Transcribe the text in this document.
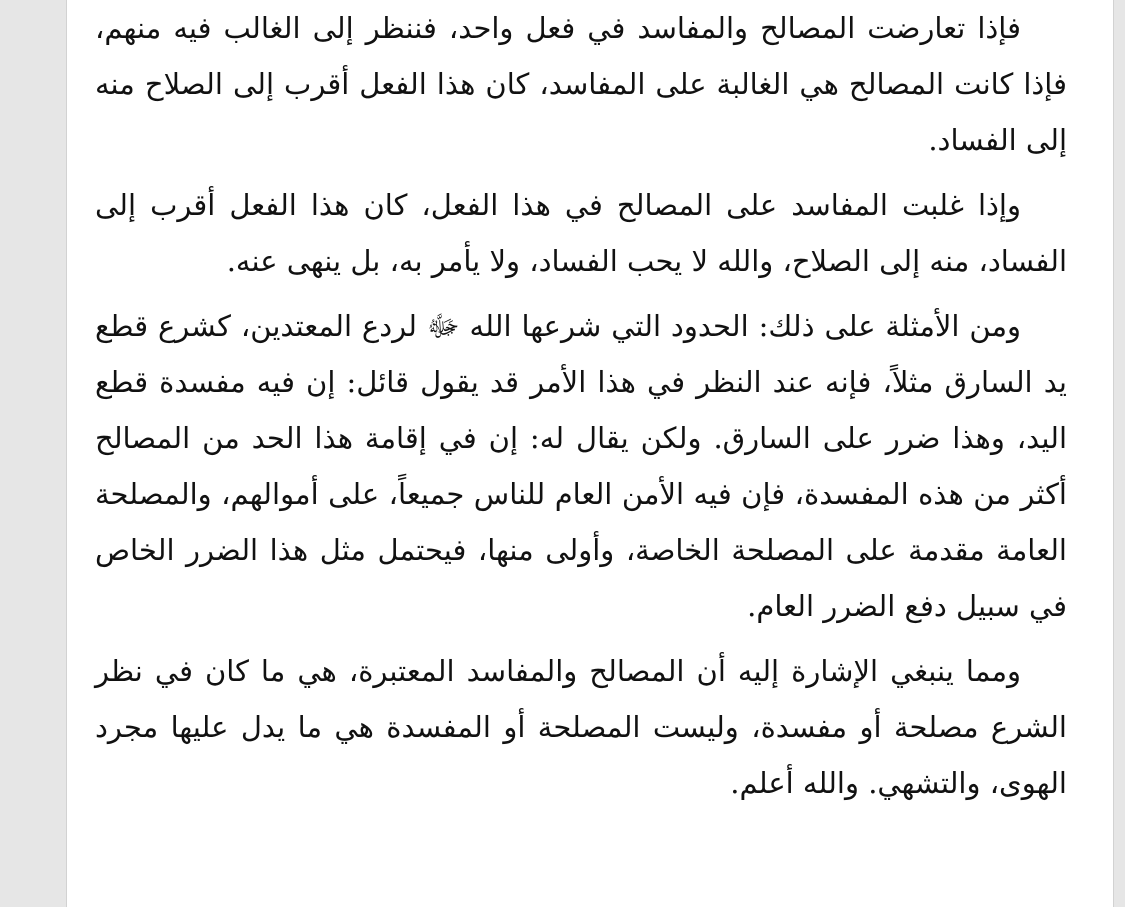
فإذا تعارضت المصالح والمفاسد في فعل واحد، فننظر إلى الغالب فيه منهم، فإذا كانت المصالح هي الغالبة على المفاسد، كان هذا الفعل أقرب إلى الصلاح منه إلى الفساد.

وإذا غلبت المفاسد على المصالح في هذا الفعل، كان هذا الفعل أقرب إلى الفساد، منه إلى الصلاح، والله لا يحب الفساد، ولا يأمر به، بل ينهى عنه.

ومن الأمثلة على ذلك: الحدود التي شرعها الله ﷻ لردع المعتدين، كشرع قطع يد السارق مثلاً، فإنه عند النظر في هذا الأمر قد يقول قائل: إن فيه مفسدة قطع اليد، وهذا ضرر على السارق. ولكن يقال له: إن في إقامة هذا الحد من المصالح أكثر من هذه المفسدة، فإن فيه الأمن العام للناس جميعاً، على أموالهم، والمصلحة العامة مقدمة على المصلحة الخاصة، وأولى منها، فيحتمل مثل هذا الضرر الخاص في سبيل دفع الضرر العام.

ومما ينبغي الإشارة إليه أن المصالح والمفاسد المعتبرة، هي ما كان في نظر الشرع مصلحة أو مفسدة، وليست المصلحة أو المفسدة هي ما يدل عليها مجرد الهوى، والتشهي. والله أعلم.
